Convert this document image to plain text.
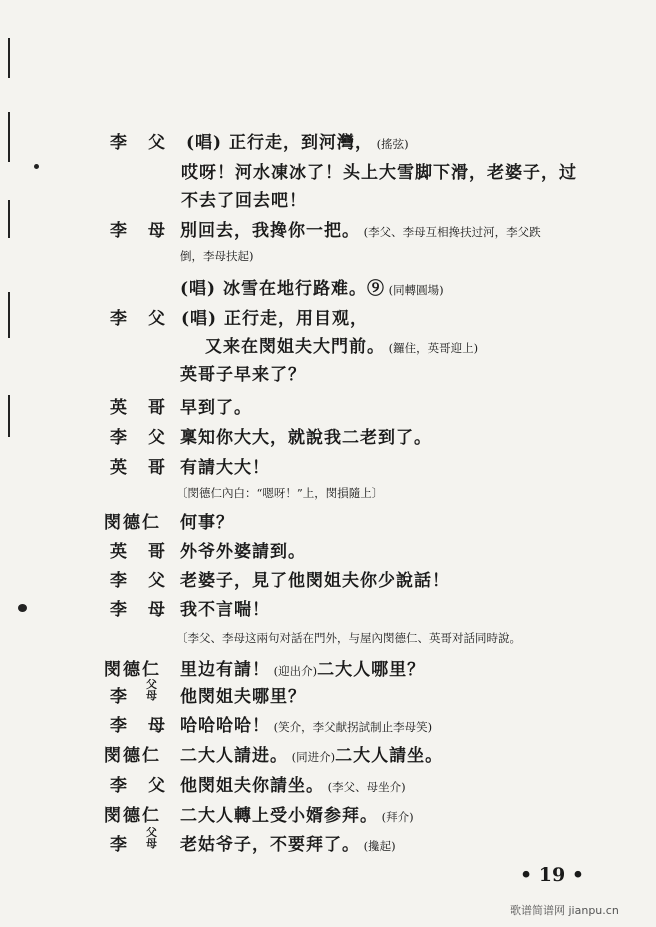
李　父 (唱) 正行走，到河灣， (搖弦)
哎呀！河水凍冰了！头上大雪脚下滑，老婆子，过
不去了回去吧！
李　母 別回去，我搀你一把。 (李父、李母互相搀扶过河，李父跌
倒，李母扶起)
(唱) 冰雪在地行路难。⑨ (同轉圓場)
李　父 (唱) 正行走，用目观，
又来在閔姐夫大門前。 (鑼住，英哥迎上)
英哥子早来了？
英　哥 早到了。
李　父 稟知你大大，就說我二老到了。
英　哥 有請大大！
〔閔德仁內白：“嗯呀！”上，閔損隨上〕
閔德仁 何事？
英　哥 外爷外婆請到。
李　父 老婆子，見了他閔姐夫你少說話！
李　母 我不言喘！
〔李父、李母这兩句对話在門外，与屋內閔德仁、英哥对話同時說。
閔德仁 里边有請！ (迎出介)二大人哪里？
李
父
母 他閔姐夫哪里？
李　母 哈哈哈哈！ (笑介，李父献拐試制止李母笑)
閔德仁 二大人請进。 (同进介)二大人請坐。
李　父 他閔姐夫你請坐。 (李父、母坐介)
閔德仁 二大人轉上受小婿参拜。 (拜介)
李
父
母 老姑爷子，不要拜了。 (攙起)
• 19 •
歌谱简谱网 jianpu.cn
